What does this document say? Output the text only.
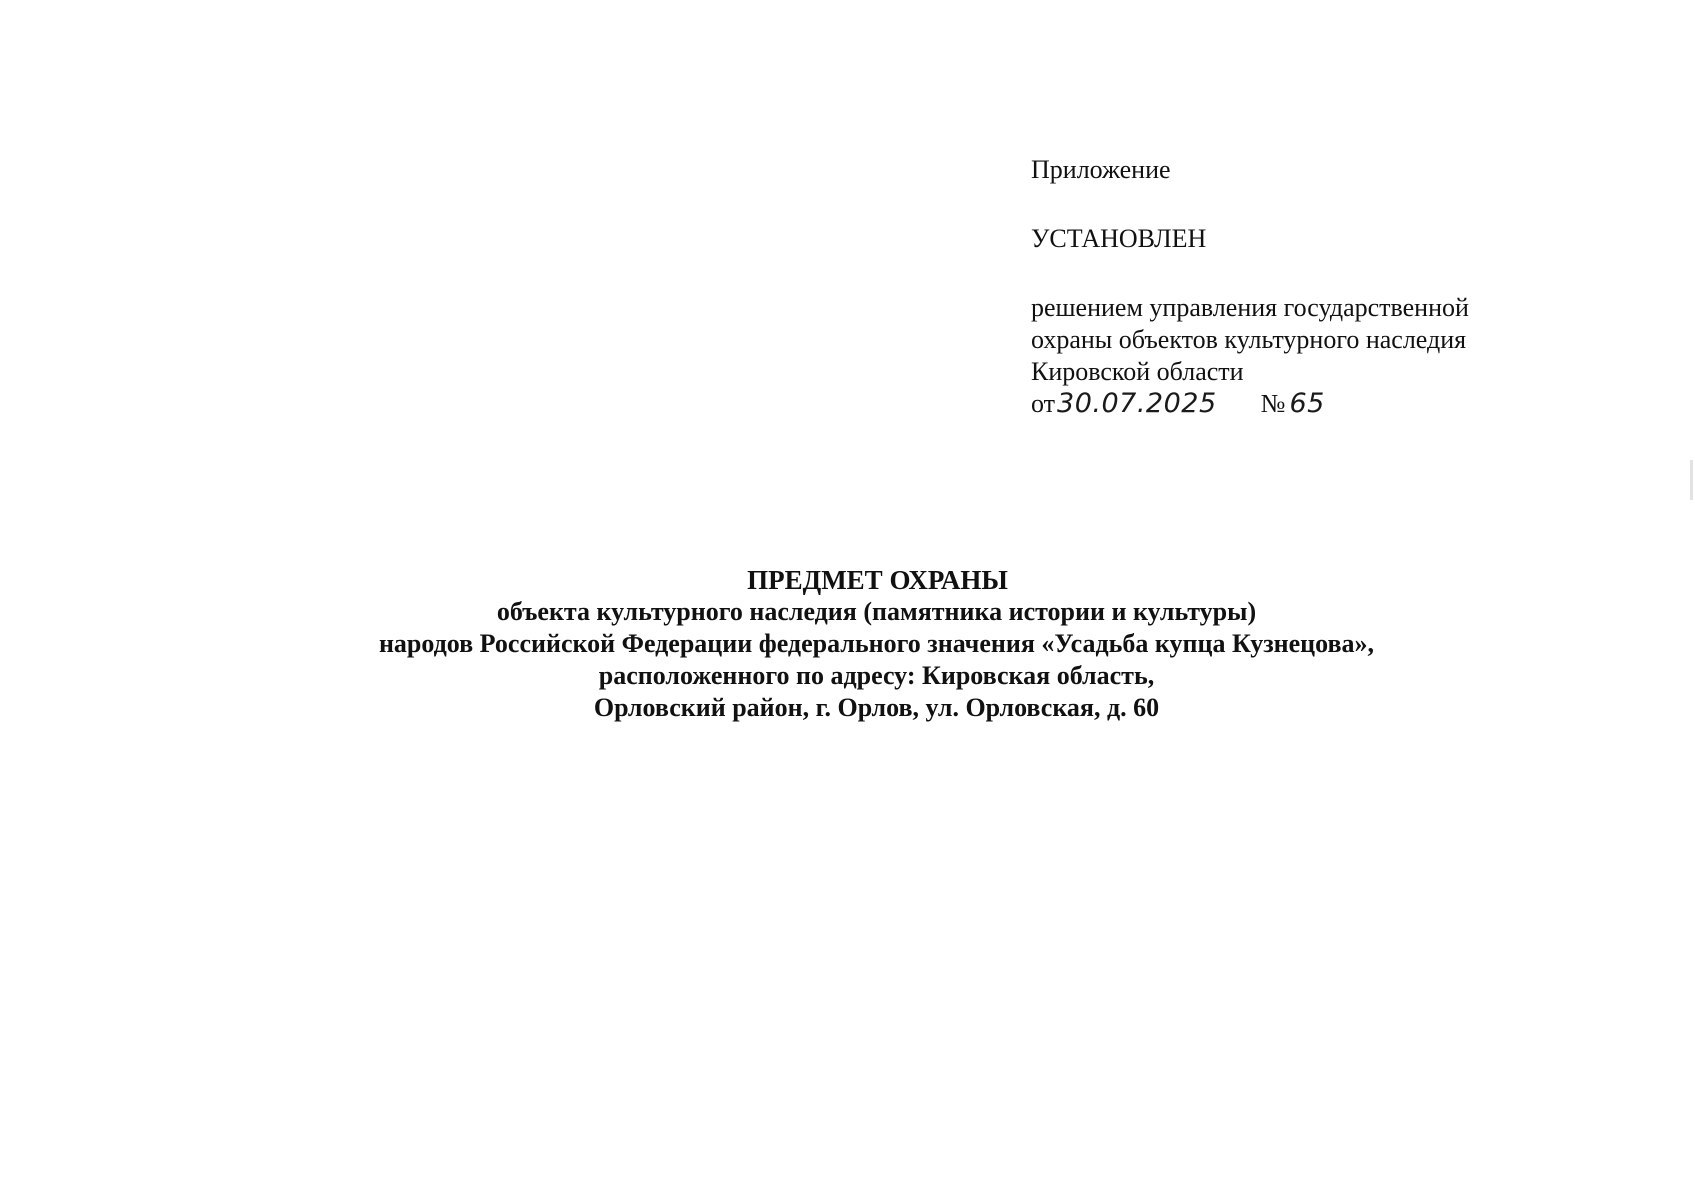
Приложение
УСТАНОВЛЕН
решением управления государственной
охраны объектов культурного наследия
Кировской области
от30.07.2025 № 65
ПРЕДМЕТ ОХРАНЫ
объекта культурного наследия (памятника истории и культуры)
народов Российской Федерации федерального значения «Усадьба купца Кузнецова»,
расположенного по адресу: Кировская область,
Орловский район, г. Орлов, ул. Орловская, д. 60
